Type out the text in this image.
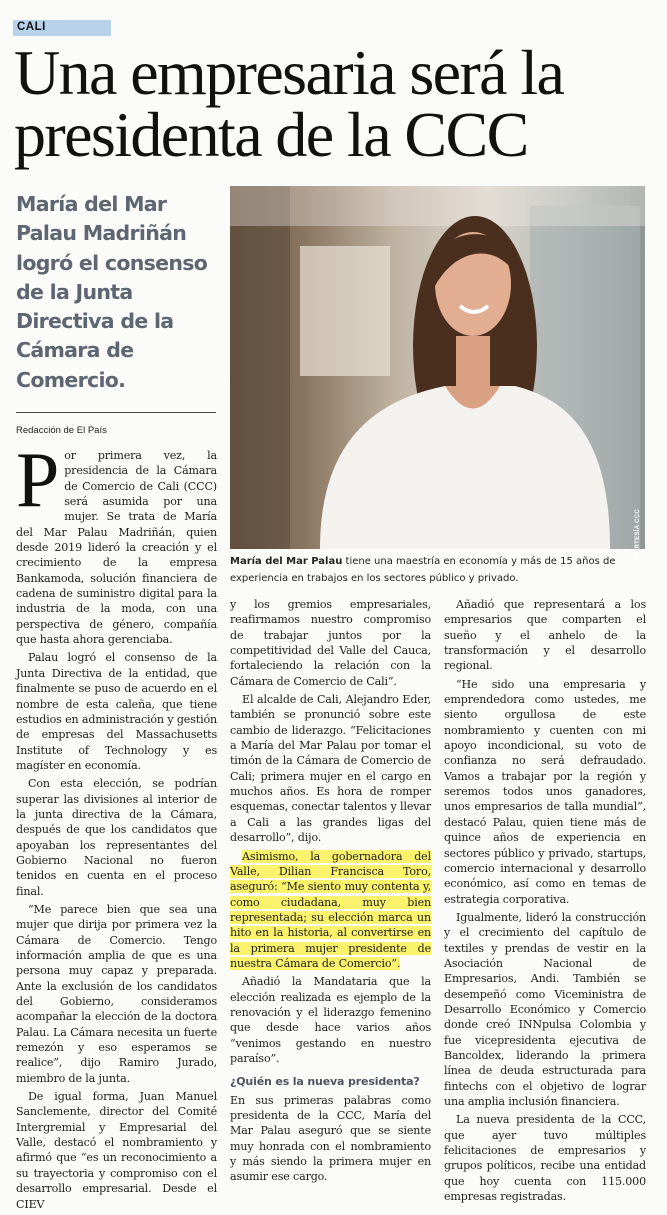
CALI
Una empresaria será la presidenta de la CCC
María del Mar Palau Madriñán logró el consenso de la Junta Directiva de la Cámara de Comercio.
Redacción de El País
CORTESÍA CCC
María del Mar Palau tiene una maestría en economía y más de 15 años de experiencia en trabajos en los sectores público y privado.

Por primera vez, la presidencia de la Cámara de Comercio de Cali (CCC) será asumida por una mujer. Se trata de María del Mar Palau Madriñán, quien desde 2019 lideró la creación y el crecimiento de la empresa Bankamoda, solución financiera de cadena de suministro digital para la industria de la moda, con una perspectiva de género, compañía que hasta ahora gerenciaba.

Palau logró el consenso de la Junta Directiva de la entidad, que finalmente se puso de acuerdo en el nombre de esta caleña, que tiene estudios en administración y gestión de empresas del Massachusetts Institute of Technology y es magíster en economía.

Con esta elección, se podrían superar las divisiones al interior de la junta directiva de la Cámara, después de que los candidatos que apoyaban los representantes del Gobierno Nacional no fueron tenidos en cuenta en el proceso final.

“Me parece bien que sea una mujer que dirija por primera vez la Cámara de Comercio. Tengo información amplia de que es una persona muy capaz y preparada. Ante la exclusión de los candidatos del Gobierno, consideramos acompañar la elección de la doctora Palau. La Cámara necesita un fuerte remezón y eso esperamos se realice”, dijo Ramiro Jurado, miembro de la junta.

De igual forma, Juan Manuel Sanclemente, director del Comité Intergremial y Empresarial del Valle, destacó el nombramiento y afirmó que “es un reconocimiento a su trayectoria y compromiso con el desarrollo empresarial. Desde el CIEV

y los gremios empresariales, reafirmamos nuestro compromiso de trabajar juntos por la competitividad del Valle del Cauca, fortaleciendo la relación con la Cámara de Comercio de Cali”.

El alcalde de Cali, Alejandro Eder, también se pronunció sobre este cambio de liderazgo. “Felicitaciones a María del Mar Palau por tomar el timón de la Cámara de Comercio de Cali; primera mujer en el cargo en muchos años. Es hora de romper esquemas, conectar talentos y llevar a Cali a las grandes ligas del desarrollo”, dijo.

Asimismo, la gobernadora del Valle, Dilian Francisca Toro, aseguró: “Me siento muy contenta y, como ciudadana, muy bien representada; su elección marca un hito en la historia, al convertirse en la primera mujer presidente de nuestra Cámara de Comercio”.

Añadió la Mandataria que la elección realizada es ejemplo de la renovación y el liderazgo femenino que desde hace varios años “venimos gestando en nuestro paraíso”.

¿Quién es la nueva presidenta?

En sus primeras palabras como presidenta de la CCC, María del Mar Palau aseguró que se siente muy honrada con el nombramiento y más siendo la primera mujer en asumir ese cargo.

Añadió que representará a los empresarios que comparten el sueño y el anhelo de la transformación y el desarrollo regional.

“He sido una empresaria y emprendedora como ustedes, me siento orgullosa de este nombramiento y cuenten con mi apoyo incondicional, su voto de confianza no será defraudado. Vamos a trabajar por la región y seremos todos unos ganadores, unos empresarios de talla mundial”, destacó Palau, quien tiene más de quince años de experiencia en sectores público y privado, startups, comercio internacional y desarrollo económico, así como en temas de estrategia corporativa.

Igualmente, lideró la construcción y el crecimiento del capítulo de textiles y prendas de vestir en la Asociación Nacional de Empresarios, Andi. También se desempeñó como Viceministra de Desarrollo Económico y Comercio donde creó INNpulsa Colombia y fue vicepresidenta ejecutiva de Bancoldex, liderando la primera línea de deuda estructurada para fintechs con el objetivo de lograr una amplia inclusión financiera.

La nueva presidenta de la CCC, que ayer tuvo múltiples felicitaciones de empresarios y grupos políticos, recibe una entidad que hoy cuenta con 115.000 empresas registradas.
